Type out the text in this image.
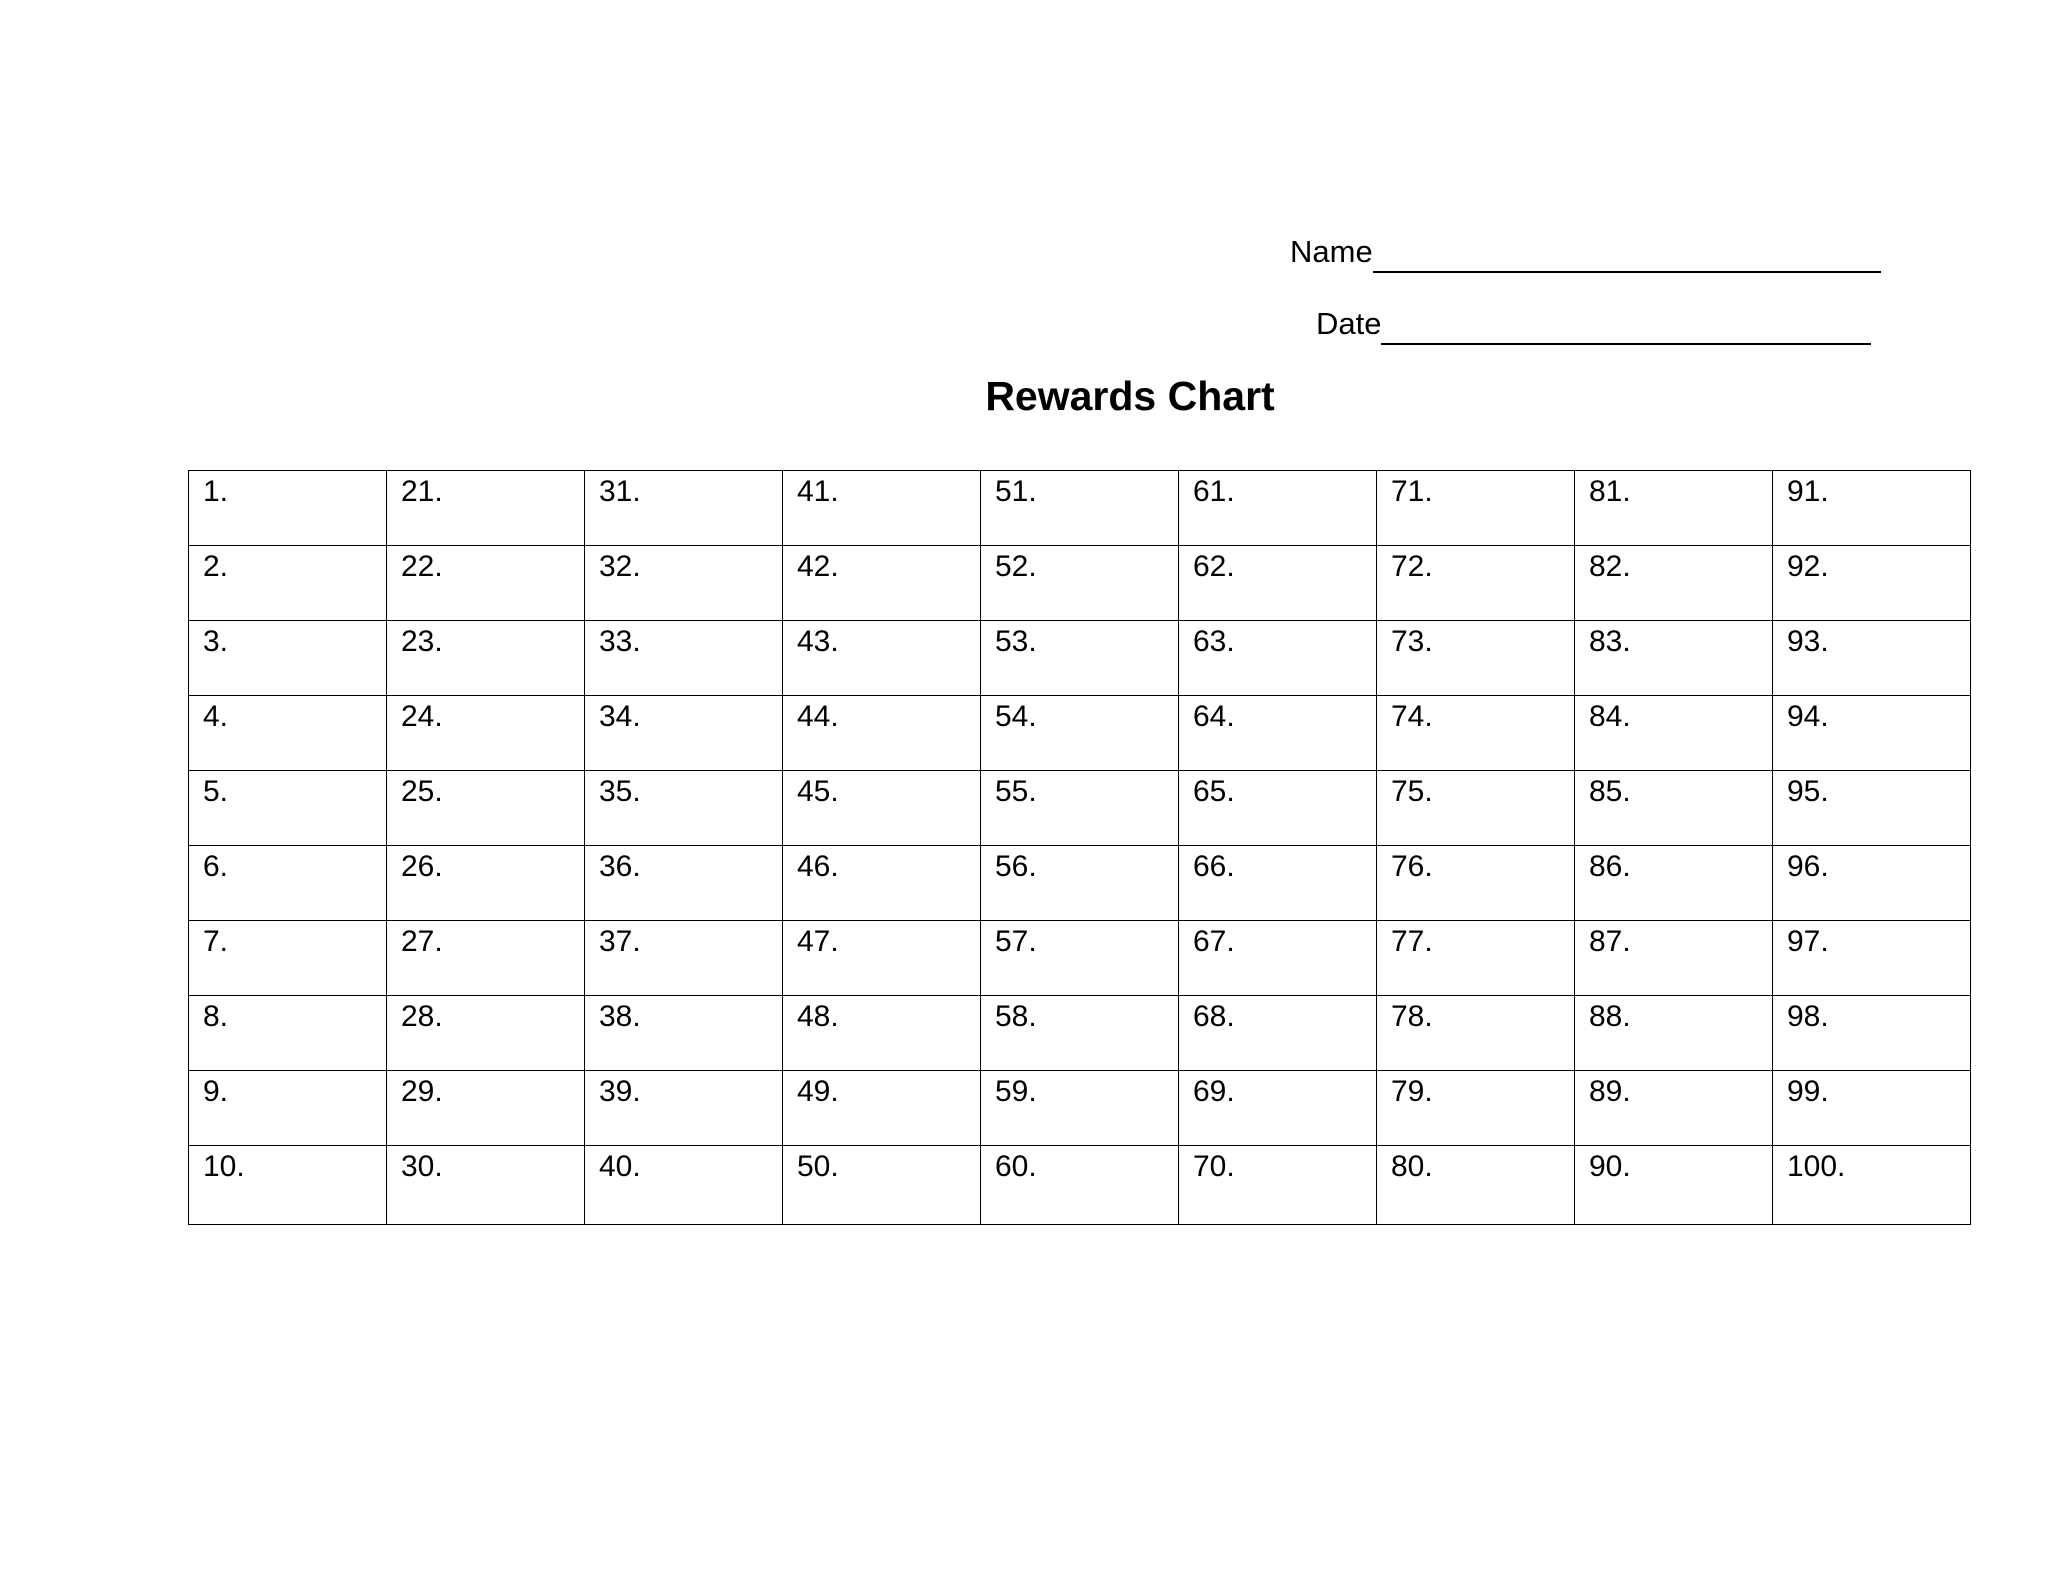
Name
Date
Rewards Chart
1.	21.	31.	41.	51.	61.	71.	81.	91.

2.	22.	32.	42.	52.	62.	72.	82.	92.

3.	23.	33.	43.	53.	63.	73.	83.	93.

4.	24.	34.	44.	54.	64.	74.	84.	94.

5.	25.	35.	45.	55.	65.	75.	85.	95.

6.	26.	36.	46.	56.	66.	76.	86.	96.

7.	27.	37.	47.	57.	67.	77.	87.	97.

8.	28.	38.	48.	58.	68.	78.	88.	98.

9.	29.	39.	49.	59.	69.	79.	89.	99.

10.	30.	40.	50.	60.	70.	80.	90.	100.
